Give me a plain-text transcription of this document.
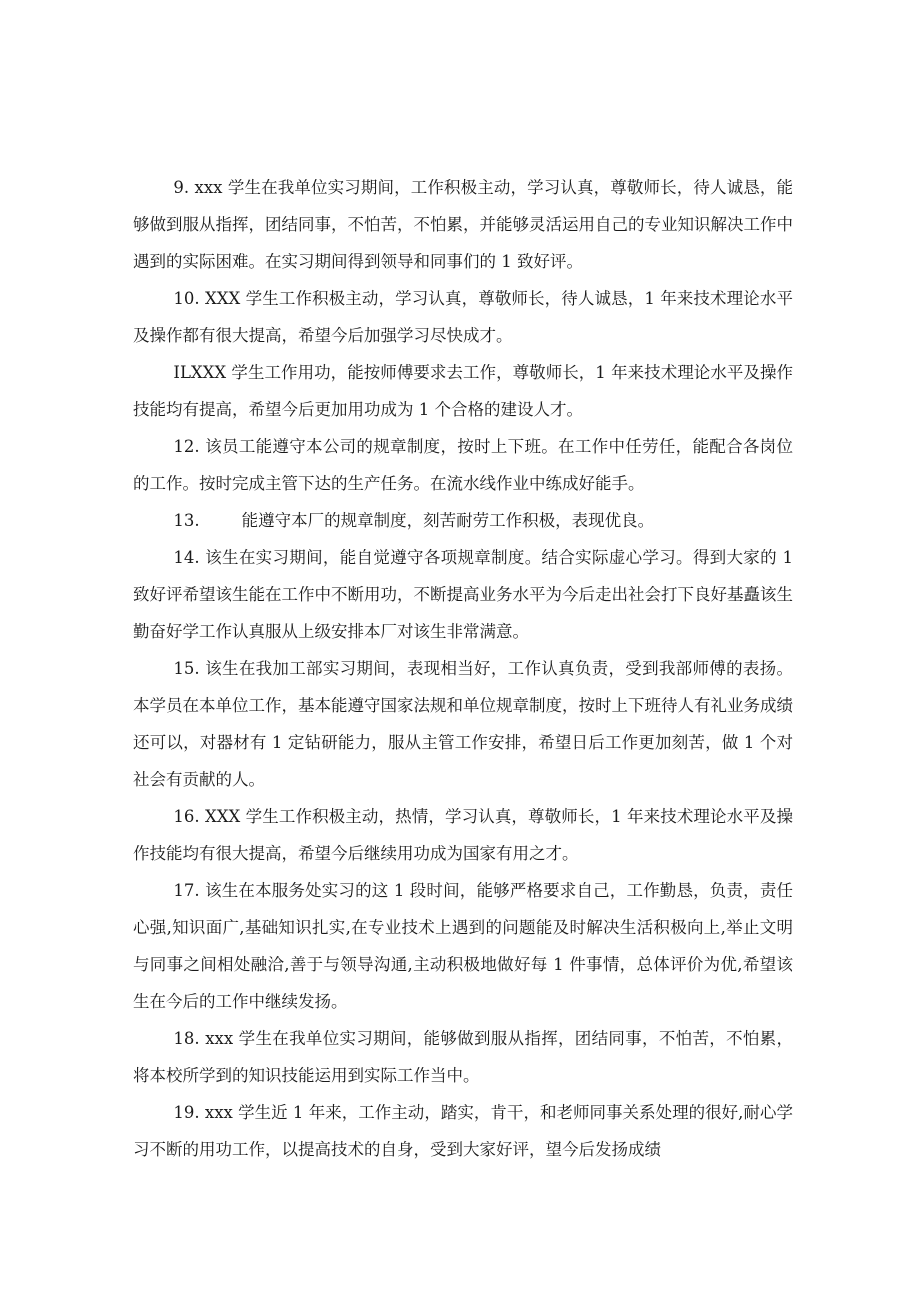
9. xxx 学生在我单位实习期间，工作积极主动，学习认真，尊敬师长，待人诚恳，能够做到服从指挥，团结同事，不怕苦，不怕累，并能够灵活运用自己的专业知识解决工作中遇到的实际困难。在实习期间得到领导和同事们的 1 致好评。

10. XXX 学生工作积极主动，学习认真，尊敬师长，待人诚恳，1 年来技术理论水平及操作都有很大提高，希望今后加强学习尽快成才。

ILXXX 学生工作用功，能按师傅要求去工作，尊敬师长，1 年来技术理论水平及操作技能均有提高，希望今后更加用功成为 1 个合格的建设人才。

12. 该员工能遵守本公司的规章制度，按时上下班。在工作中任劳任，能配合各岗位的工作。按时完成主管下达的生产任务。在流水线作业中练成好能手。

13.        能遵守本厂的规章制度，刻苦耐劳工作积极，表现优良。

14. 该生在实习期间，能自觉遵守各项规章制度。结合实际虚心学习。得到大家的 1 致好评希望该生能在工作中不断用功，不断提高业务水平为今后走出社会打下良好基矗该生勤奋好学工作认真服从上级安排本厂对该生非常满意。

15. 该生在我加工部实习期间，表现相当好，工作认真负责，受到我部师傅的表扬。本学员在本单位工作，基本能遵守国家法规和单位规章制度，按时上下班待人有礼业务成绩还可以，对器材有 1 定钻研能力，服从主管工作安排，希望日后工作更加刻苦，做 1 个对社会有贡献的人。

16. XXX 学生工作积极主动，热情，学习认真，尊敬师长，1 年来技术理论水平及操作技能均有很大提高，希望今后继续用功成为国家有用之才。

17. 该生在本服务处实习的这 1 段时间，能够严格要求自己，工作勤恳，负责，责任心强,知识面广,基础知识扎实,在专业技术上遇到的问题能及时解决生活积极向上,举止文明与同事之间相处融洽,善于与领导沟通,主动积极地做好每 1 件事情，总体评价为优,希望该生在今后的工作中继续发扬。

18. xxx 学生在我单位实习期间，能够做到服从指挥，团结同事，不怕苦，不怕累，将本校所学到的知识技能运用到实际工作当中。

19. xxx 学生近 1 年来，工作主动，踏实，肯干，和老师同事关系处理的很好,耐心学习不断的用功工作，以提高技术的自身，受到大家好评，望今后发扬成绩
